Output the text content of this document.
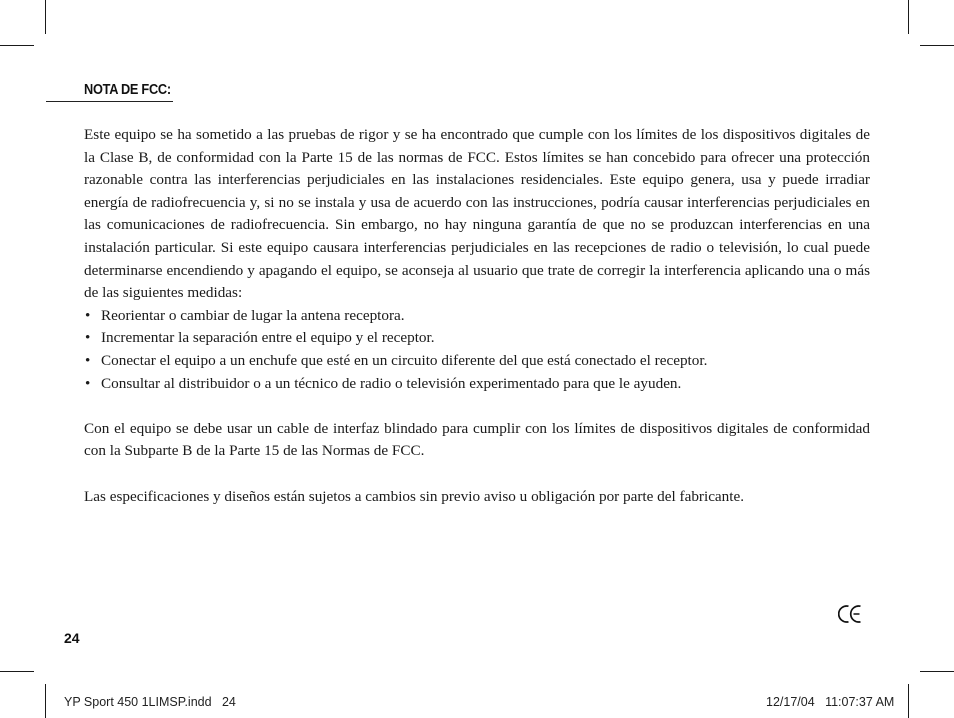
NOTA DE FCC:

Este equipo se ha sometido a las pruebas de rigor y se ha encontrado que cumple con los límites de los dispositivos digitales de la Clase B, de conformidad con la Parte 15 de las normas de FCC. Estos límites se han concebido para ofrecer una protección razonable contra las interferencias perjudiciales en las instalaciones residenciales. Este equipo genera, usa y puede irradiar energía de radiofrecuencia y, si no se instala y usa de acuerdo con las instrucciones, podría causar interferencias perjudiciales en las comunicaciones de radiofrecuencia. Sin embargo, no hay ninguna garantía de que no se produzcan interferencias en una instalación particular. Si este equipo causara interferencias perjudiciales en las recepciones de radio o televisión, lo cual puede determinarse encendiendo y apagando el equipo, se aconseja al usuario que trate de corregir la interferencia aplicando una o más de las siguientes medidas:

• Reorientar o cambiar de lugar la antena receptora.
• Incrementar la separación entre el equipo y el receptor.
• Conectar el equipo a un enchufe que esté en un circuito diferente del que está conectado el receptor.
• Consultar al distribuidor o a un técnico de radio o televisión experimentado para que le ayuden.

Con el equipo se debe usar un cable de interfaz blindado para cumplir con los límites de dispositivos digitales de conformidad con la Subparte B de la Parte 15 de las Normas de FCC.

Las especificaciones y diseños están sujetos a cambios sin previo aviso u obligación por parte del fabricante.

24
YP Sport 450 1LIMSP.indd   24	12/17/04   11:07:37 AM
